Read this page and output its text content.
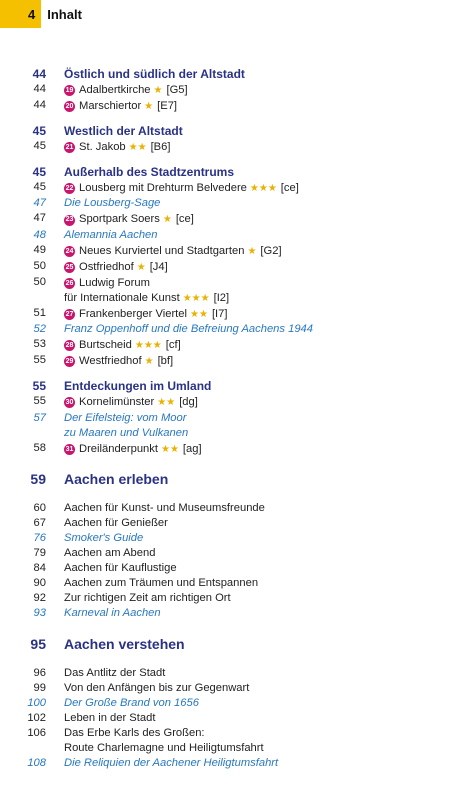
4 Inhalt
44	Östlich und südlich der Altstadt
44	19 Adalbertkirche ★ [G5]
44	20 Marschiertor ★ [E7]
45	Westlich der Altstadt
45	21 St. Jakob ★★ [B6]
45	Außerhalb des Stadtzentrums
45	22 Lousberg mit Drehturm Belvedere ★★★ [ce]
47	Die Lousberg-Sage
47	23 Sportpark Soers ★ [ce]
48	Alemannia Aachen
49	24 Neues Kurviertel und Stadtgarten ★ [G2]
50	25 Ostfriedhof ★ [J4]
50	26 Ludwig Forum
für Internationale Kunst ★★★ [I2]
51	27 Frankenberger Viertel ★★ [I7]
52	Franz Oppenhoff und die Befreiung Aachens 1944
53	28 Burtscheid ★★★ [cf]
55	29 Westfriedhof ★ [bf]
55	Entdeckungen im Umland
55	30 Kornelimünster ★★ [dg]
57	Der Eifelsteig: vom Moor
zu Maaren und Vulkanen
58	31 Dreiländerpunkt ★★ [ag]
59	Aachen erleben
60	Aachen für Kunst- und Museumsfreunde
67	Aachen für Genießer
76	Smoker's Guide
79	Aachen am Abend
84	Aachen für Kauflustige
90	Aachen zum Träumen und Entspannen
92	Zur richtigen Zeit am richtigen Ort
93	Karneval in Aachen
95	Aachen verstehen
96	Das Antlitz der Stadt
99	Von den Anfängen bis zur Gegenwart
100	Der Große Brand von 1656
102	Leben in der Stadt
106	Das Erbe Karls des Großen:
Route Charlemagne und Heiligtumsfahrt
108	Die Reliquien der Aachener Heiligtumsfahrt
